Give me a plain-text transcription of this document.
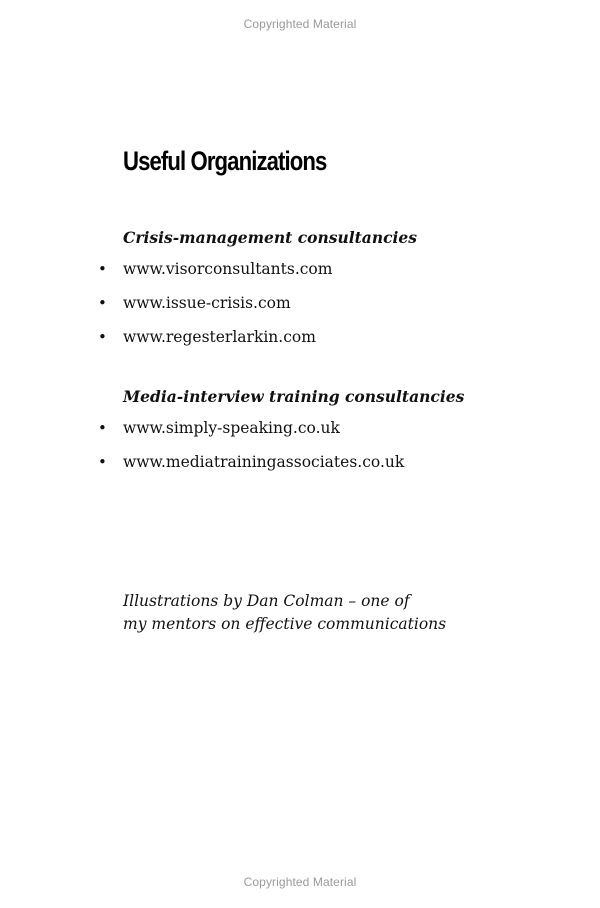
Copyrighted Material
Useful Organizations
Crisis-management consultancies
• www.visorconsultants.com
• www.issue-crisis.com
• www.regesterlarkin.com
Media-interview training consultancies
• www.simply-speaking.co.uk
• www.mediatrainingassociates.co.uk

Illustrations by Dan Colman – one of
my mentors on effective communications

Copyrighted Material
